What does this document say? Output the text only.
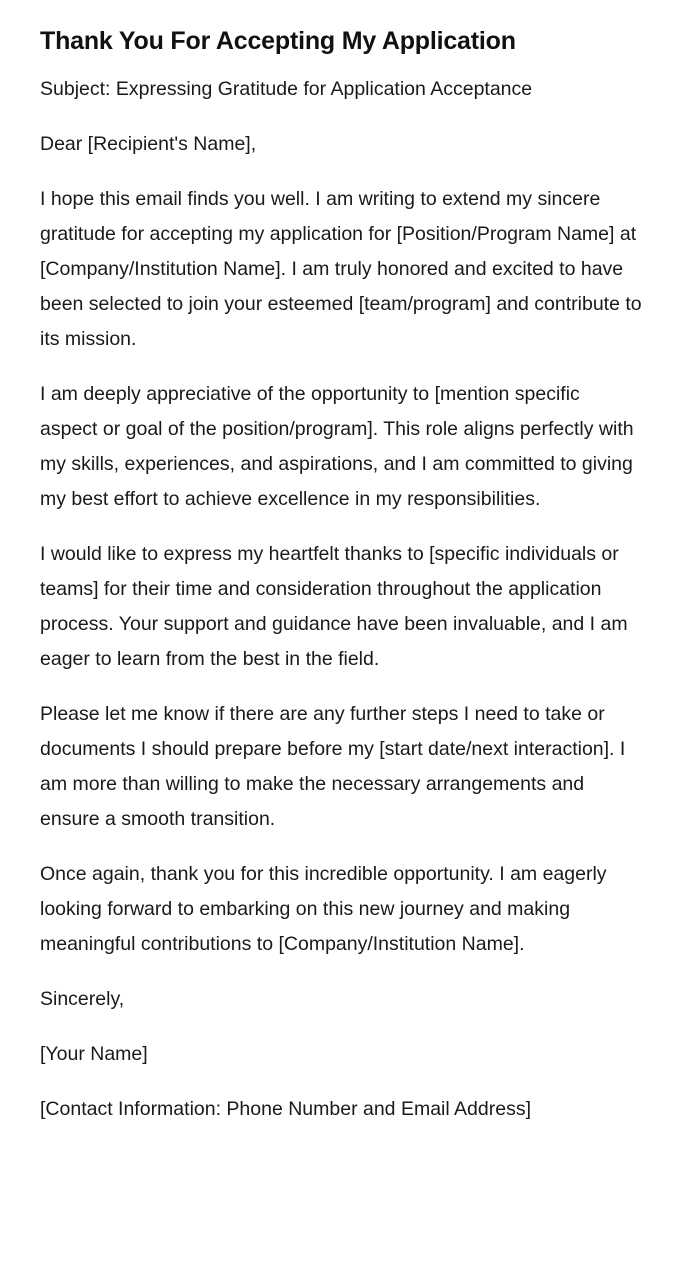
Thank You For Accepting My Application

Subject: Expressing Gratitude for Application Acceptance

Dear [Recipient's Name],

I hope this email finds you well. I am writing to extend my sincere gratitude for accepting my application for [Position/Program Name] at [Company/Institution Name]. I am truly honored and excited to have been selected to join your esteemed [team/program] and contribute to its mission.

I am deeply appreciative of the opportunity to [mention specific aspect or goal of the position/program]. This role aligns perfectly with my skills, experiences, and aspirations, and I am committed to giving my best effort to achieve excellence in my responsibilities.

I would like to express my heartfelt thanks to [specific individuals or teams] for their time and consideration throughout the application process. Your support and guidance have been invaluable, and I am eager to learn from the best in the field.

Please let me know if there are any further steps I need to take or documents I should prepare before my [start date/next interaction]. I am more than willing to make the necessary arrangements and ensure a smooth transition.

Once again, thank you for this incredible opportunity. I am eagerly looking forward to embarking on this new journey and making meaningful contributions to [Company/Institution Name].

Sincerely,

[Your Name]

[Contact Information: Phone Number and Email Address]
